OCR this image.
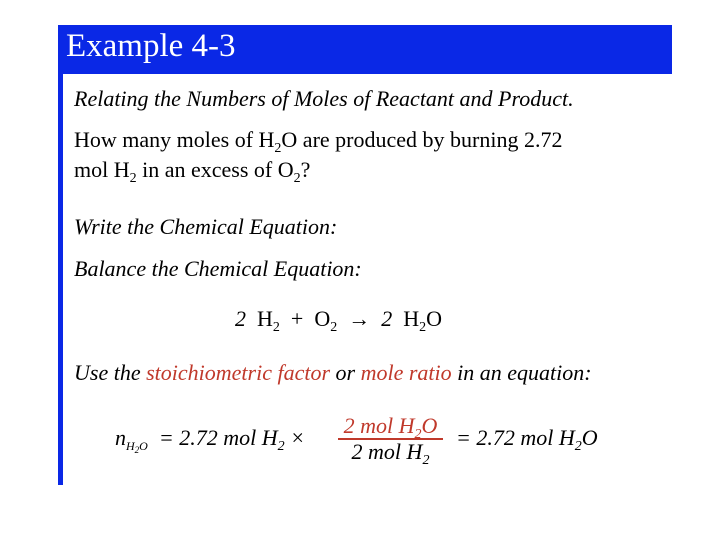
Example 4-3
Relating the Numbers of Moles of Reactant and Product.
How many moles of $H_2O$ are produced by burning 2.72
mol $H_2$ in an excess of $O_2$?
Write the Chemical Equation:
Balance the Chemical Equation:
2 $H_2 + O_2 \to 2$ $H_2O$
Use the stoichiometric factor or mole ratio in an equation:
$n_{H_2O} = 2.72$ mol $H_2 \times 2$ mol $H_2O$
2 mol $H_2$
= 2.72 mol $H_2O$
